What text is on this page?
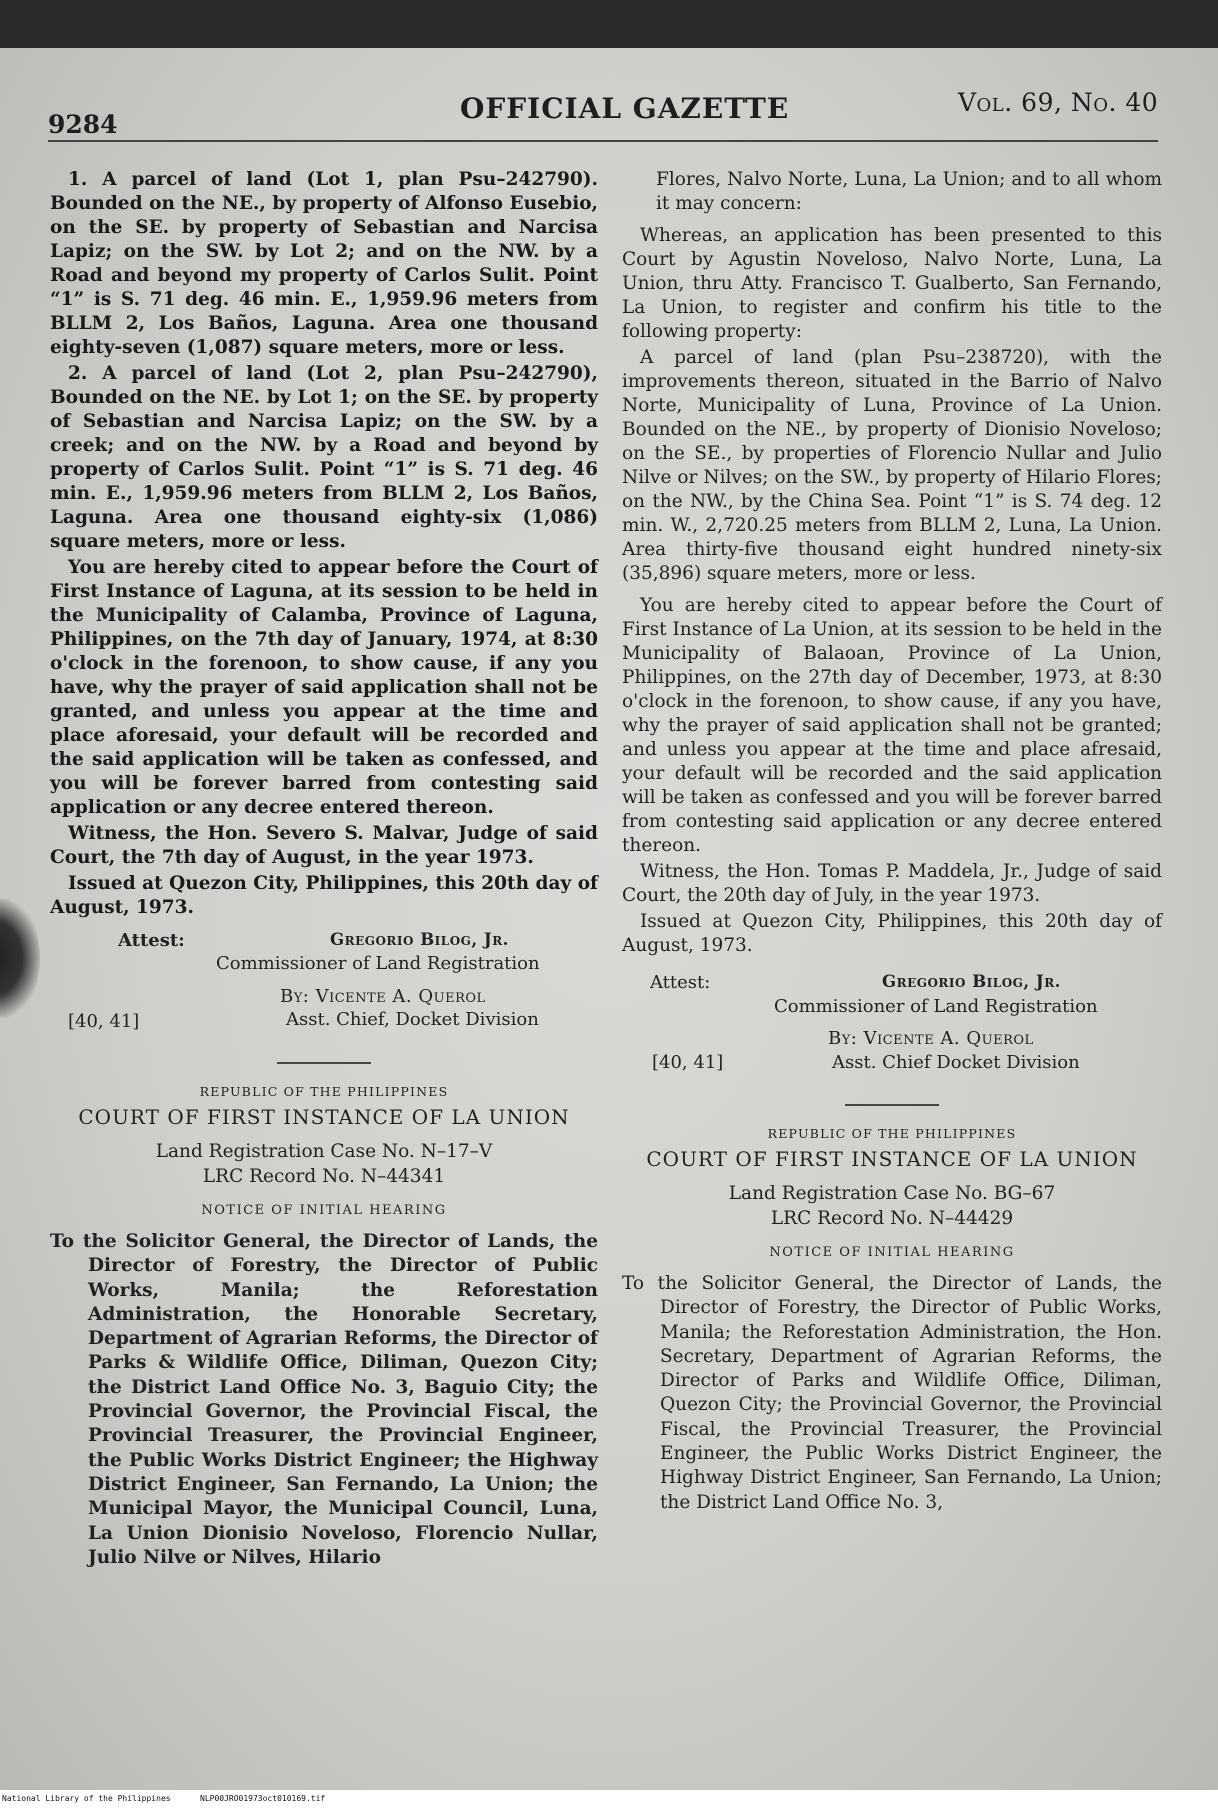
9284	OFFICIAL GAZETTE	Vol. 69, No. 40

1. A parcel of land (Lot 1, plan Psu–242790). Bounded on the NE., by property of Alfonso Eusebio, on the SE. by property of Sebastian and Narcisa Lapiz; on the SW. by Lot 2; and on the NW. by a Road and beyond my property of Carlos Sulit. Point “1” is S. 71 deg. 46 min. E., 1,959.96 meters from BLLM 2, Los Baños, Laguna. Area one thousand eighty-seven (1,087) square meters, more or less.

2. A parcel of land (Lot 2, plan Psu–242790), Bounded on the NE. by Lot 1; on the SE. by property of Sebastian and Narcisa Lapiz; on the SW. by a creek; and on the NW. by a Road and beyond by property of Carlos Sulit. Point “1” is S. 71 deg. 46 min. E., 1,959.96 meters from BLLM 2, Los Baños, Laguna. Area one thousand eighty-six (1,086) square meters, more or less.

You are hereby cited to appear before the Court of First Instance of Laguna, at its session to be held in the Municipality of Calamba, Province of Laguna, Philippines, on the 7th day of January, 1974, at 8:30 o'clock in the forenoon, to show cause, if any you have, why the prayer of said application shall not be granted, and unless you appear at the time and place aforesaid, your default will be recorded and the said application will be taken as confessed, and you will be forever barred from contesting said application or any decree entered thereon.

Witness, the Hon. Severo S. Malvar, Judge of said Court, the 7th day of August, in the year 1973.

Issued at Quezon City, Philippines, this 20th day of August, 1973.

Attest:	Gregorio Bilog, Jr.
Commissioner of Land Registration
By: Vicente A. Querol
[40, 41]	Asst. Chief, Docket Division
REPUBLIC OF THE PHILIPPINES
COURT OF FIRST INSTANCE OF LA UNION
Land Registration Case No. N–17–V
LRC Record No. N–44341
NOTICE OF INITIAL HEARING

To the Solicitor General, the Director of Lands, the Director of Forestry, the Director of Public Works, Manila; the Reforestation Administration, the Honorable Secretary, Department of Agrarian Reforms, the Director of Parks & Wildlife Office, Diliman, Quezon City; the District Land Office No. 3, Baguio City; the Provincial Governor, the Provincial Fiscal, the Provincial Treasurer, the Provincial Engineer, the Public Works District Engineer; the Highway District Engineer, San Fernando, La Union; the Municipal Mayor, the Municipal Council, Luna, La Union Dionisio Noveloso, Florencio Nullar, Julio Nilve or Nilves, Hilario

Flores, Nalvo Norte, Luna, La Union; and to all whom it may concern:

Whereas, an application has been presented to this Court by Agustin Noveloso, Nalvo Norte, Luna, La Union, thru Atty. Francisco T. Gualberto, San Fernando, La Union, to register and confirm his title to the following property:

A parcel of land (plan Psu–238720), with the improvements thereon, situated in the Barrio of Nalvo Norte, Municipality of Luna, Province of La Union. Bounded on the NE., by property of Dionisio Noveloso; on the SE., by properties of Florencio Nullar and Julio Nilve or Nilves; on the SW., by property of Hilario Flores; on the NW., by the China Sea. Point “1” is S. 74 deg. 12 min. W., 2,720.25 meters from BLLM 2, Luna, La Union. Area thirty-five thousand eight hundred ninety-six (35,896) square meters, more or less.

You are hereby cited to appear before the Court of First Instance of La Union, at its session to be held in the Municipality of Balaoan, Province of La Union, Philippines, on the 27th day of December, 1973, at 8:30 o'clock in the forenoon, to show cause, if any you have, why the prayer of said application shall not be granted; and unless you appear at the time and place afresaid, your default will be recorded and the said application will be taken as confessed and you will be forever barred from contesting said application or any decree entered thereon.

Witness, the Hon. Tomas P. Maddela, Jr., Judge of said Court, the 20th day of July, in the year 1973.

Issued at Quezon City, Philippines, this 20th day of August, 1973.

Attest:	Gregorio Bilog, Jr.
Commissioner of Land Registration
By: Vicente A. Querol
[40, 41]	Asst. Chief Docket Division
REPUBLIC OF THE PHILIPPINES
COURT OF FIRST INSTANCE OF LA UNION
Land Registration Case No. BG–67
LRC Record No. N–44429
NOTICE OF INITIAL HEARING

To the Solicitor General, the Director of Lands, the Director of Forestry, the Director of Public Works, Manila; the Reforestation Administration, the Hon. Secretary, Department of Agrarian Reforms, the Director of Parks and Wildlife Office, Diliman, Quezon City; the Provincial Governor, the Provincial Fiscal, the Provincial Treasurer, the Provincial Engineer, the Public Works District Engineer, the Highway District Engineer, San Fernando, La Union; the District Land Office No. 3,

National Library of the Philippines	NLP00JRO01973oct010169.tif
